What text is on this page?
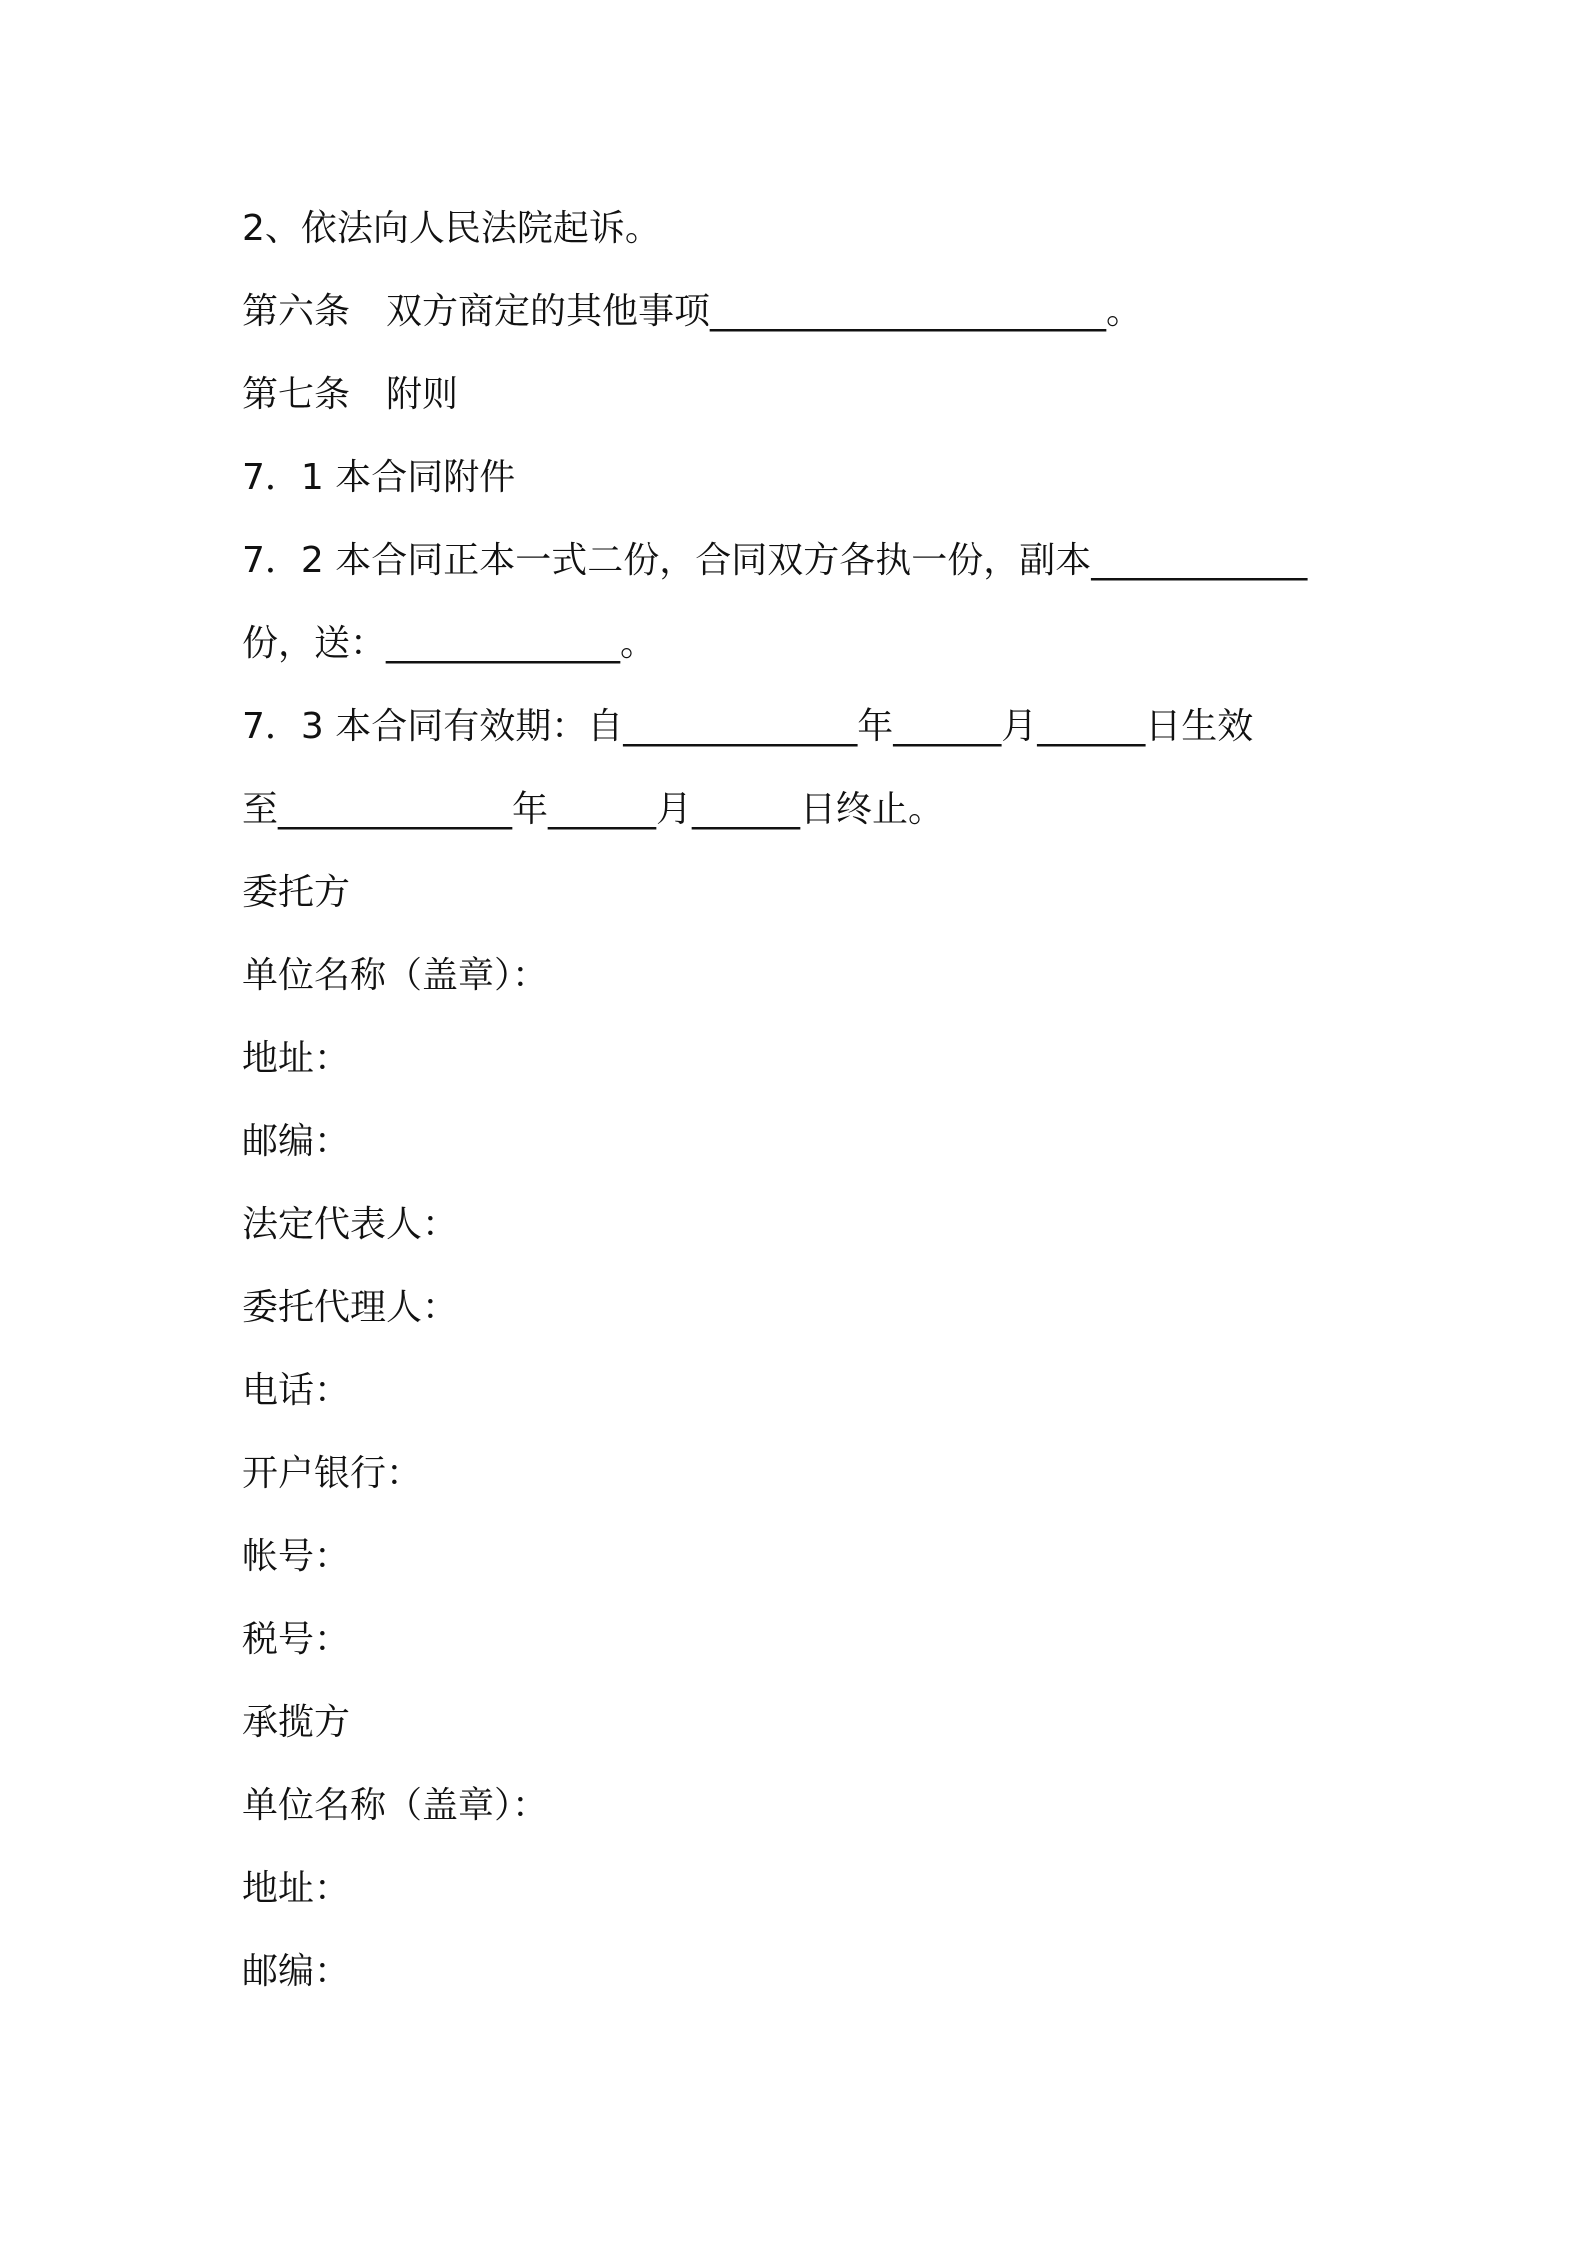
2、依法向人民法院起诉。
第六条　双方商定的其他事项______________________。
第七条　附则
7．1 本合同附件
7．2 本合同正本一式二份，合同双方各执一份，副本____________
份，送：_____________。
7．3 本合同有效期：自_____________年______月______日生效
至_____________年______月______日终止。
委托方
单位名称（盖章）：
地址：
邮编：
法定代表人：
委托代理人：
电话：
开户银行：
帐号：
税号：
承揽方
单位名称（盖章）：
地址：
邮编：
